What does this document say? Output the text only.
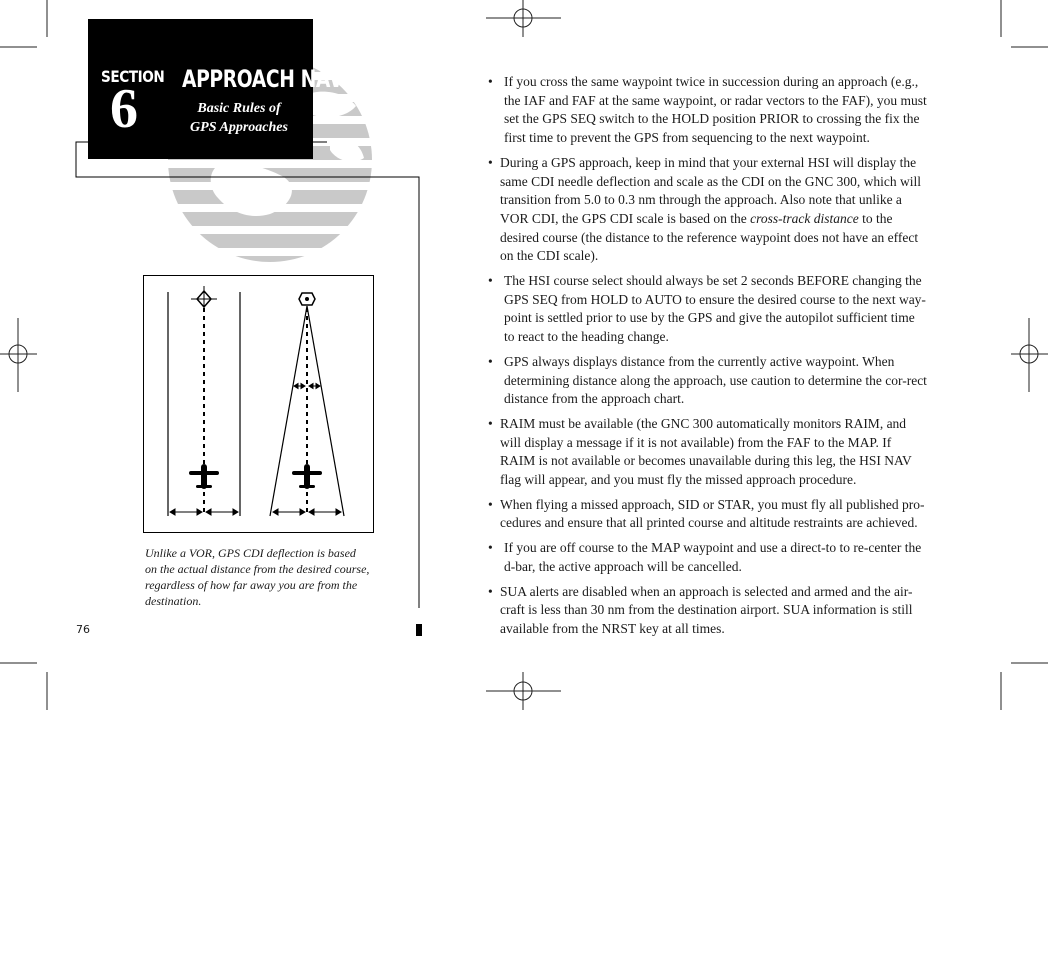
SECTION
6 APPROACH NAV
Basic Rules of
GPS Approaches
Unlike a VOR, GPS CDI deflection is based on the actual distance from the desired course, regardless of how far away you are from the destination.
76
• If you cross the same waypoint twice in succession during an approach (e.g., the IAF and FAF at the same waypoint, or radar vectors to the FAF), you must set the GPS SEQ switch to the HOLD position PRIOR to crossing the fix the first time to prevent the GPS from sequencing to the next waypoint.
• During a GPS approach, keep in mind that your external HSI will display the same CDI needle deflection and scale as the CDI on the GNC 300, which will transition from 5.0 to 0.3 nm through the approach. Also note that unlike a VOR CDI, the GPS CDI scale is based on the cross-track distance to the desired course (the distance to the reference waypoint does not have an effect on the CDI scale).
• The HSI course select should always be set 2 seconds BEFORE changing the GPS SEQ from HOLD to AUTO to ensure the desired course to the next way-point is settled prior to use by the GPS and give the autopilot sufficient time to react to the heading change.
• GPS always displays distance from the currently active waypoint. When determining distance along the approach, use caution to determine the cor-rect distance from the approach chart.
• RAIM must be available (the GNC 300 automatically monitors RAIM, and will display a message if it is not available) from the FAF to the MAP. If RAIM is not available or becomes unavailable during this leg, the HSI NAV flag will appear, and you must fly the missed approach procedure.
• When flying a missed approach, SID or STAR, you must fly all published pro-cedures and ensure that all printed course and altitude restraints are achieved.
• If you are off course to the MAP waypoint and use a direct-to to re-center the d-bar, the active approach will be cancelled.
• SUA alerts are disabled when an approach is selected and armed and the air-craft is less than 30 nm from the destination airport. SUA information is still available from the NRST key at all times.
